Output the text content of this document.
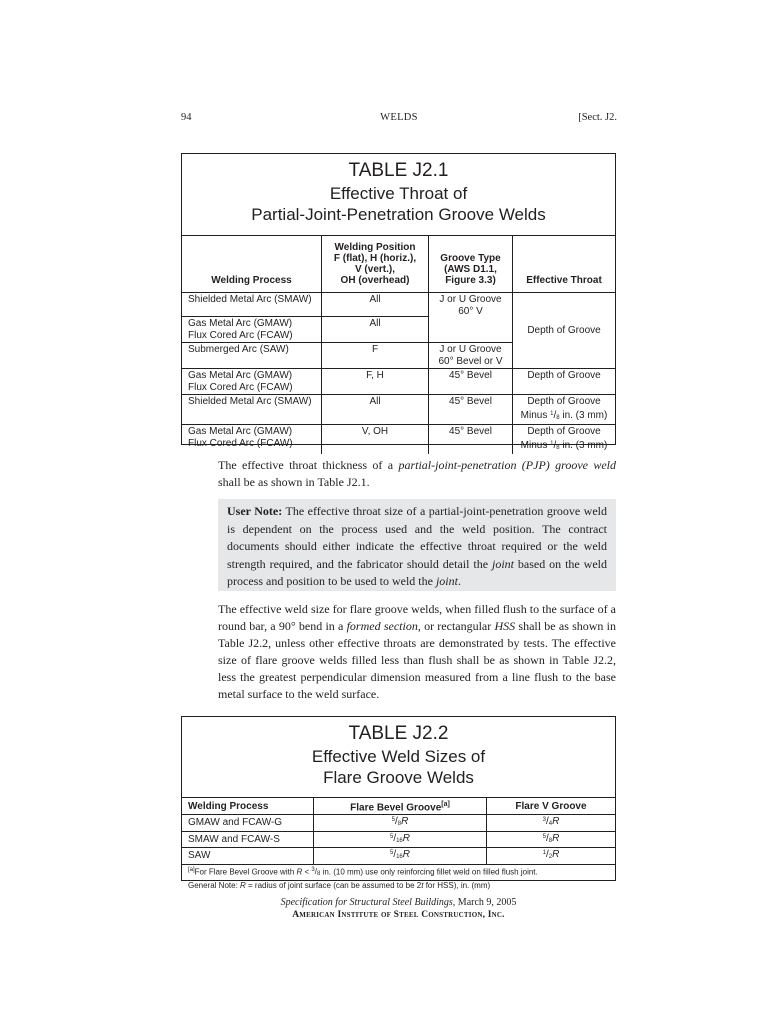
94	WELDS	[Sect. J2.
TABLE J2.1
Effective Throat of
Partial-Joint-Penetration Groove Welds
Welding Process	Welding Position
F (flat), H (horiz.),
V (vert.),
OH (overhead)	Groove Type
(AWS D1.1,
Figure 3.3)	Effective Throat
Shielded Metal Arc (SMAW)	All	J or U Groove
60° V	Depth of Groove
Gas Metal Arc (GMAW)
Flux Cored Arc (FCAW)	All		
Submerged Arc (SAW)	F	J or U Groove
60° Bevel or V	
Gas Metal Arc (GMAW)
Flux Cored Arc (FCAW)	F, H	45° Bevel	Depth of Groove
Shielded Metal Arc (SMAW)	All	45° Bevel	Depth of Groove
Minus $^1/_8$ in. (3 mm)
Gas Metal Arc (GMAW)
Flux Cored Arc (FCAW)	V, OH	45° Bevel	Depth of Groove
Minus $^1/_8$ in. (3 mm)
The effective throat thickness of a partial-joint-penetration (PJP) groove weld shall be as shown in Table J2.1.
User Note: The effective throat size of a partial-joint-penetration groove weld is dependent on the process used and the weld position. The contract documents should either indicate the effective throat required or the weld strength required, and the fabricator should detail the joint based on the weld process and position to be used to weld the joint.
The effective weld size for flare groove welds, when filled flush to the surface of a round bar, a 90° bend in a formed section, or rectangular HSS shall be as shown in Table J2.2, unless other effective throats are demonstrated by tests. The effective size of flare groove welds filled less than flush shall be as shown in Table J2.2, less the greatest perpendicular dimension measured from a line flush to the base metal surface to the weld surface.
TABLE J2.2
Effective Weld Sizes of
Flare Groove Welds
Welding Process	Flare Bevel Groove[a]	Flare V Groove
GMAW and FCAW-G	$^5/_8R$	$^3/_4R$
SMAW and FCAW-S	$^5/_{16}R$	$^5/_8R$
SAW	$^5/_{16}R$	$^1/_2R$
[a]For Flare Bevel Groove with $R < ^3/_8$ in. (10 mm) use only reinforcing fillet weld on filled flush joint.
General Note: R = radius of joint surface (can be assumed to be 2t for HSS), in. (mm)		
Specification for Structural Steel Buildings, March 9, 2005
American Institute of Steel Construction, Inc.
